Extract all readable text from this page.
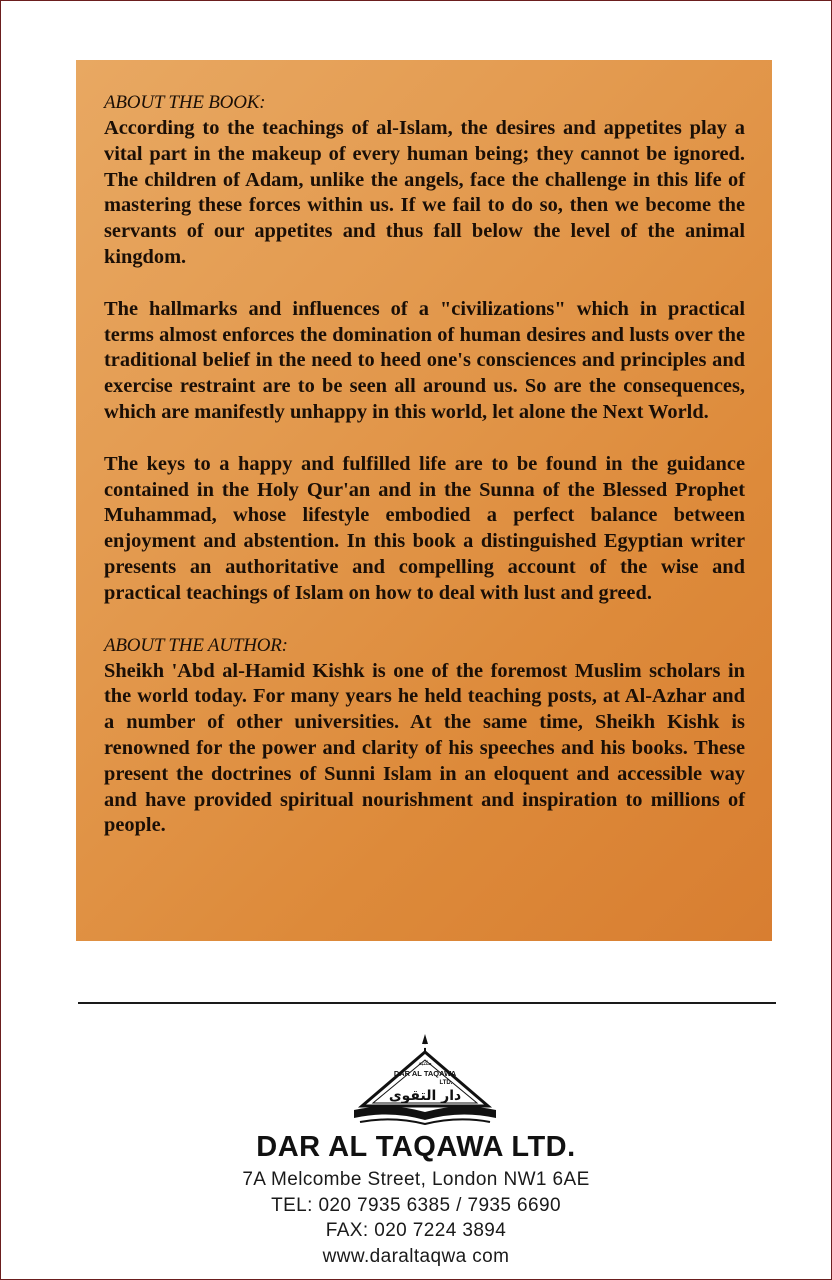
ABOUT THE BOOK:

According to the teachings of al-Islam, the desires and appetites play a vital part in the makeup of every human being; they cannot be ignored. The children of Adam, unlike the angels, face the challenge in this life of mastering these forces within us. If we fail to do so, then we become the servants of our appetites and thus fall below the level of the animal kingdom.

The hallmarks and influences of a "civilizations" which in practical terms almost enforces the domination of human desires and lusts over the traditional belief in the need to heed one's consciences and principles and exercise restraint are to be seen all around us. So are the consequences, which are manifestly unhappy in this world, let alone the Next World.

The keys to a happy and fulfilled life are to be found in the guidance contained in the Holy Qur'an and in the Sunna of the Blessed Prophet Muhammad, whose lifestyle embodied a perfect balance between enjoyment and abstention. In this book a distinguished Egyptian writer presents an authoritative and compelling account of the wise and practical teachings of Islam on how to deal with lust and greed.

ABOUT THE AUTHOR:

Sheikh 'Abd al-Hamid Kishk is one of the foremost Muslim scholars in the world today. For many years he held teaching posts, at Al-Azhar and a number of other universities. At the same time, Sheikh Kishk is renowned for the power and clarity of his speeches and his books. These present the doctrines of Sunni Islam in an eloquent and accessible way and have provided spiritual nourishment and inspiration to millions of people.

DAR AL TAQAWA
LTD.
دار التقوى
مكتبة
DAR AL TAQAWA LTD.
7A Melcombe Street, London NW1 6AE
TEL: 020 7935 6385 / 7935 6690
FAX: 020 7224 3894
www.daraltaqwa com
